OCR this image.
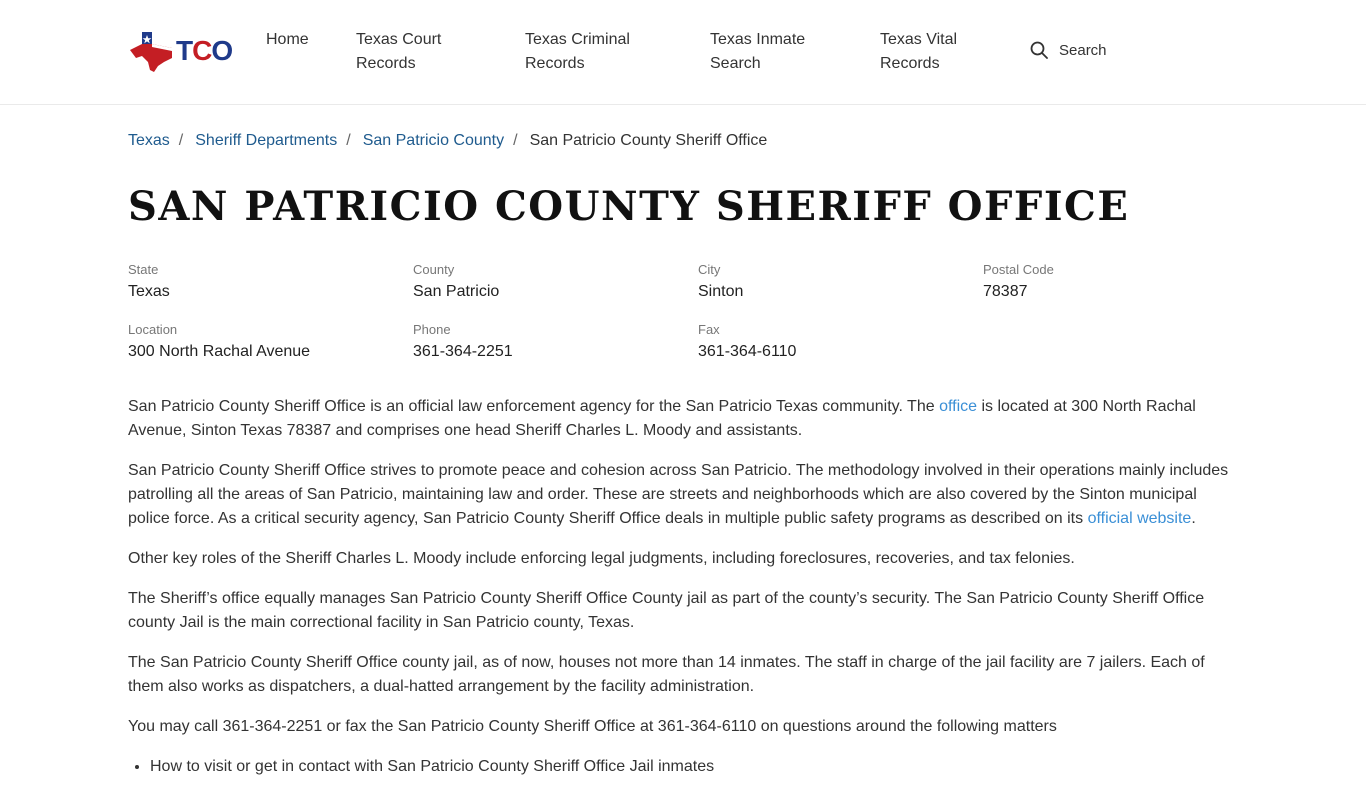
TCO Home	Texas Court Records
Texas Criminal Records
Texas Inmate Search
Texas Vital Records
Search
Texas / Sheriff Departments / San Patricio County / San Patricio County Sheriff Office
SAN PATRICIO COUNTY SHERIFF OFFICE
State
Texas
County
San Patricio
City
Sinton
Postal Code
78387
Location
300 North Rachal Avenue
Phone
361-364-2251
Fax
361-364-6110

San Patricio County Sheriff Office is an official law enforcement agency for the San Patricio Texas community. The office is located at 300 North Rachal Avenue, Sinton Texas 78387 and comprises one head Sheriff Charles L. Moody and assistants.

San Patricio County Sheriff Office strives to promote peace and cohesion across San Patricio. The methodology involved in their operations mainly includes patrolling all the areas of San Patricio, maintaining law and order. These are streets and neighborhoods which are also covered by the Sinton municipal police force. As a critical security agency, San Patricio County Sheriff Office deals in multiple public safety programs as described on its official website.

Other key roles of the Sheriff Charles L. Moody include enforcing legal judgments, including foreclosures, recoveries, and tax felonies.

The Sheriff’s office equally manages San Patricio County Sheriff Office County jail as part of the county’s security. The San Patricio County Sheriff Office county Jail is the main correctional facility in San Patricio county, Texas.

The San Patricio County Sheriff Office county jail, as of now, houses not more than 14 inmates. The staff in charge of the jail facility are 7 jailers. Each of them also works as dispatchers, a dual-hatted arrangement by the facility administration.

You may call 361-364-2251 or fax the San Patricio County Sheriff Office at 361-364-6110 on questions around the following matters

• How to visit or get in contact with San Patricio County Sheriff Office Jail inmates
